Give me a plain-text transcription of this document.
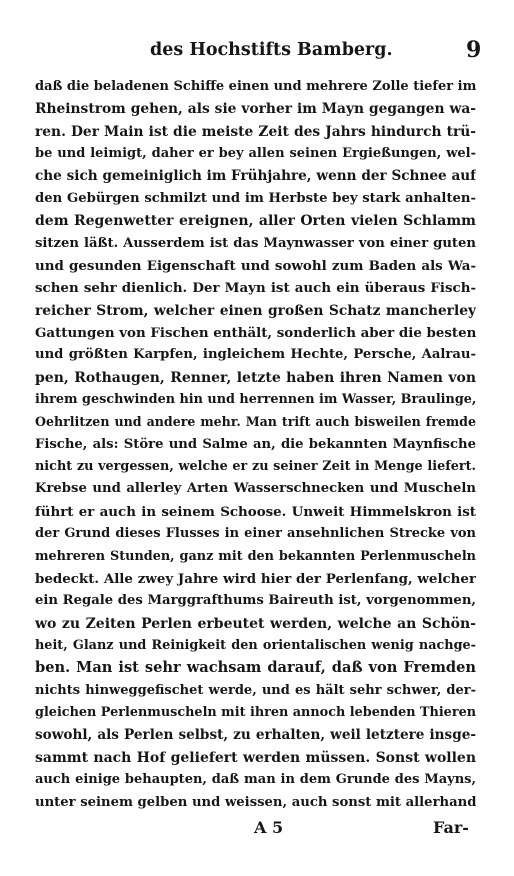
des Hochstifts Bamberg.	9
daß die beladenen Schiffe einen und mehrere Zolle tiefer im
Rheinstrom gehen, als sie vorher im Mayn gegangen wa-
ren. Der Main ist die meiste Zeit des Jahrs hindurch trü-
be und leimigt, daher er bey allen seinen Ergießungen, wel-
che sich gemeiniglich im Frühjahre, wenn der Schnee auf
den Gebürgen schmilzt und im Herbste bey stark anhalten-
dem Regenwetter ereignen, aller Orten vielen Schlamm
sitzen läßt. Ausserdem ist das Maynwasser von einer guten
und gesunden Eigenschaft und sowohl zum Baden als Wa-
schen sehr dienlich. Der Mayn ist auch ein überaus Fisch-
reicher Strom, welcher einen großen Schatz mancherley
Gattungen von Fischen enthält, sonderlich aber die besten
und größten Karpfen, ingleichem Hechte, Persche, Aalrau-
pen, Rothaugen, Renner, letzte haben ihren Namen von
ihrem geschwinden hin und herrennen im Wasser, Braulinge,
Oehrlitzen und andere mehr. Man trift auch bisweilen fremde
Fische, als: Störe und Salme an, die bekannten Maynfische
nicht zu vergessen, welche er zu seiner Zeit in Menge liefert.
Krebse und allerley Arten Wasserschnecken und Muscheln
führt er auch in seinem Schoose. Unweit Himmelskron ist
der Grund dieses Flusses in einer ansehnlichen Strecke von
mehreren Stunden, ganz mit den bekannten Perlenmuscheln
bedeckt. Alle zwey Jahre wird hier der Perlenfang, welcher
ein Regale des Marggrafthums Baireuth ist, vorgenommen,
wo zu Zeiten Perlen erbeutet werden, welche an Schön-
heit, Glanz und Reinigkeit den orientalischen wenig nachge-
ben. Man ist sehr wachsam darauf, daß von Fremden
nichts hinweggefischet werde, und es hält sehr schwer, der-
gleichen Perlenmuscheln mit ihren annoch lebenden Thieren
sowohl, als Perlen selbst, zu erhalten, weil letztere insge-
sammt nach Hof geliefert werden müssen. Sonst wollen
auch einige behaupten, daß man in dem Grunde des Mayns,
unter seinem gelben und weissen, auch sonst mit allerhand
A 5	Far-
